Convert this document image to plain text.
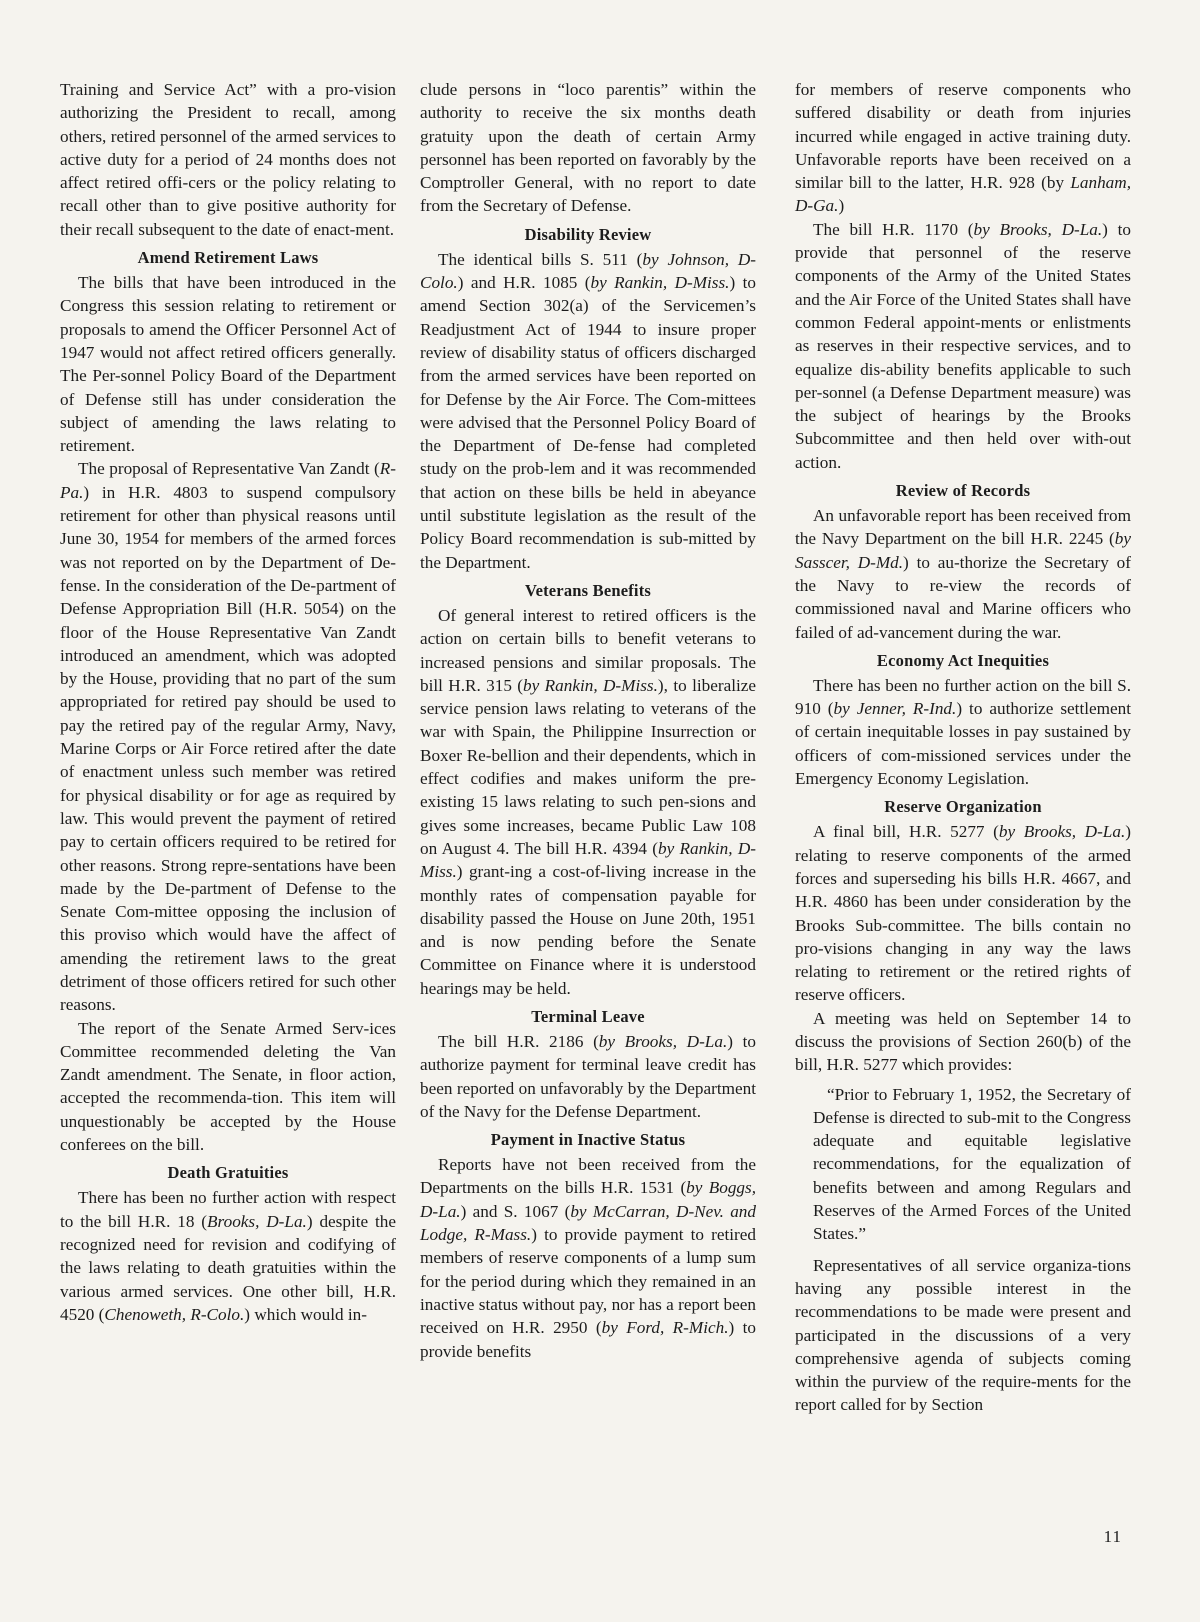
Training and Service Act” with a pro-vision authorizing the President to recall, among others, retired personnel of the armed services to active duty for a period of 24 months does not affect retired offi-cers or the policy relating to recall other than to give positive authority for their recall subsequent to the date of enact-ment.

Amend Retirement Laws

The bills that have been introduced in the Congress this session relating to retirement or proposals to amend the Officer Personnel Act of 1947 would not affect retired officers generally. The Per-sonnel Policy Board of the Department of Defense still has under consideration the subject of amending the laws relating to retirement.

The proposal of Representative Van Zandt (R-Pa.) in H.R. 4803 to suspend compulsory retirement for other than physical reasons until June 30, 1954 for members of the armed forces was not reported on by the Department of De-fense. In the consideration of the De-partment of Defense Appropriation Bill (H.R. 5054) on the floor of the House Representative Van Zandt introduced an amendment, which was adopted by the House, providing that no part of the sum appropriated for retired pay should be used to pay the retired pay of the regular Army, Navy, Marine Corps or Air Force retired after the date of enactment unless such member was retired for physical disability or for age as required by law. This would prevent the payment of retired pay to certain officers required to be retired for other reasons. Strong repre-sentations have been made by the De-partment of Defense to the Senate Com-mittee opposing the inclusion of this proviso which would have the affect of amending the retirement laws to the great detriment of those officers retired for such other reasons.

The report of the Senate Armed Serv-ices Committee recommended deleting the Van Zandt amendment. The Senate, in floor action, accepted the recommenda-tion. This item will unquestionably be accepted by the House conferees on the bill.

Death Gratuities

There has been no further action with respect to the bill H.R. 18 (Brooks, D-La.) despite the recognized need for revision and codifying of the laws relating to death gratuities within the various armed services. One other bill, H.R. 4520 (Chenoweth, R-Colo.) which would in-

clude persons in “loco parentis” within the authority to receive the six months death gratuity upon the death of certain Army personnel has been reported on favorably by the Comptroller General, with no report to date from the Secretary of Defense.

Disability Review

The identical bills S. 511 (by Johnson, D-Colo.) and H.R. 1085 (by Rankin, D-Miss.) to amend Section 302(a) of the Servicemen’s Readjustment Act of 1944 to insure proper review of disability status of officers discharged from the armed services have been reported on for Defense by the Air Force. The Com-mittees were advised that the Personnel Policy Board of the Department of De-fense had completed study on the prob-lem and it was recommended that action on these bills be held in abeyance until substitute legislation as the result of the Policy Board recommendation is sub-mitted by the Department.

Veterans Benefits

Of general interest to retired officers is the action on certain bills to benefit veterans to increased pensions and similar proposals. The bill H.R. 315 (by Rankin, D-Miss.), to liberalize service pension laws relating to veterans of the war with Spain, the Philippine Insurrection or Boxer Re-bellion and their dependents, which in effect codifies and makes uniform the pre-existing 15 laws relating to such pen-sions and gives some increases, became Public Law 108 on August 4. The bill H.R. 4394 (by Rankin, D-Miss.) grant-ing a cost-of-living increase in the monthly rates of compensation payable for disability passed the House on June 20th, 1951 and is now pending before the Senate Committee on Finance where it is understood hearings may be held.

Terminal Leave

The bill H.R. 2186 (by Brooks, D-La.) to authorize payment for terminal leave credit has been reported on unfavorably by the Department of the Navy for the Defense Department.

Payment in Inactive Status

Reports have not been received from the Departments on the bills H.R. 1531 (by Boggs, D-La.) and S. 1067 (by McCarran, D-Nev. and Lodge, R-Mass.) to provide payment to retired members of reserve components of a lump sum for the period during which they remained in an inactive status without pay, nor has a report been received on H.R. 2950 (by Ford, R-Mich.) to provide benefits

for members of reserve components who suffered disability or death from injuries incurred while engaged in active training duty. Unfavorable reports have been received on a similar bill to the latter, H.R. 928 (by Lanham, D-Ga.)

The bill H.R. 1170 (by Brooks, D-La.) to provide that personnel of the reserve components of the Army of the United States and the Air Force of the United States shall have common Federal appoint-ments or enlistments as reserves in their respective services, and to equalize dis-ability benefits applicable to such per-sonnel (a Defense Department measure) was the subject of hearings by the Brooks Subcommittee and then held over with-out action.

Review of Records

An unfavorable report has been received from the Navy Department on the bill H.R. 2245 (by Sasscer, D-Md.) to au-thorize the Secretary of the Navy to re-view the records of commissioned naval and Marine officers who failed of ad-vancement during the war.

Economy Act Inequities

There has been no further action on the bill S. 910 (by Jenner, R-Ind.) to authorize settlement of certain inequitable losses in pay sustained by officers of com-missioned services under the Emergency Economy Legislation.

Reserve Organization

A final bill, H.R. 5277 (by Brooks, D-La.) relating to reserve components of the armed forces and superseding his bills H.R. 4667, and H.R. 4860 has been under consideration by the Brooks Sub-committee. The bills contain no pro-visions changing in any way the laws relating to retirement or the retired rights of reserve officers.

A meeting was held on September 14 to discuss the provisions of Section 260(b) of the bill, H.R. 5277 which provides:

“Prior to February 1, 1952, the Secretary of Defense is directed to sub-mit to the Congress adequate and equitable legislative recommendations, for the equalization of benefits between and among Regulars and Reserves of the Armed Forces of the United States.”

Representatives of all service organiza-tions having any possible interest in the recommendations to be made were present and participated in the discussions of a very comprehensive agenda of subjects coming within the purview of the require-ments for the report called for by Section

11
